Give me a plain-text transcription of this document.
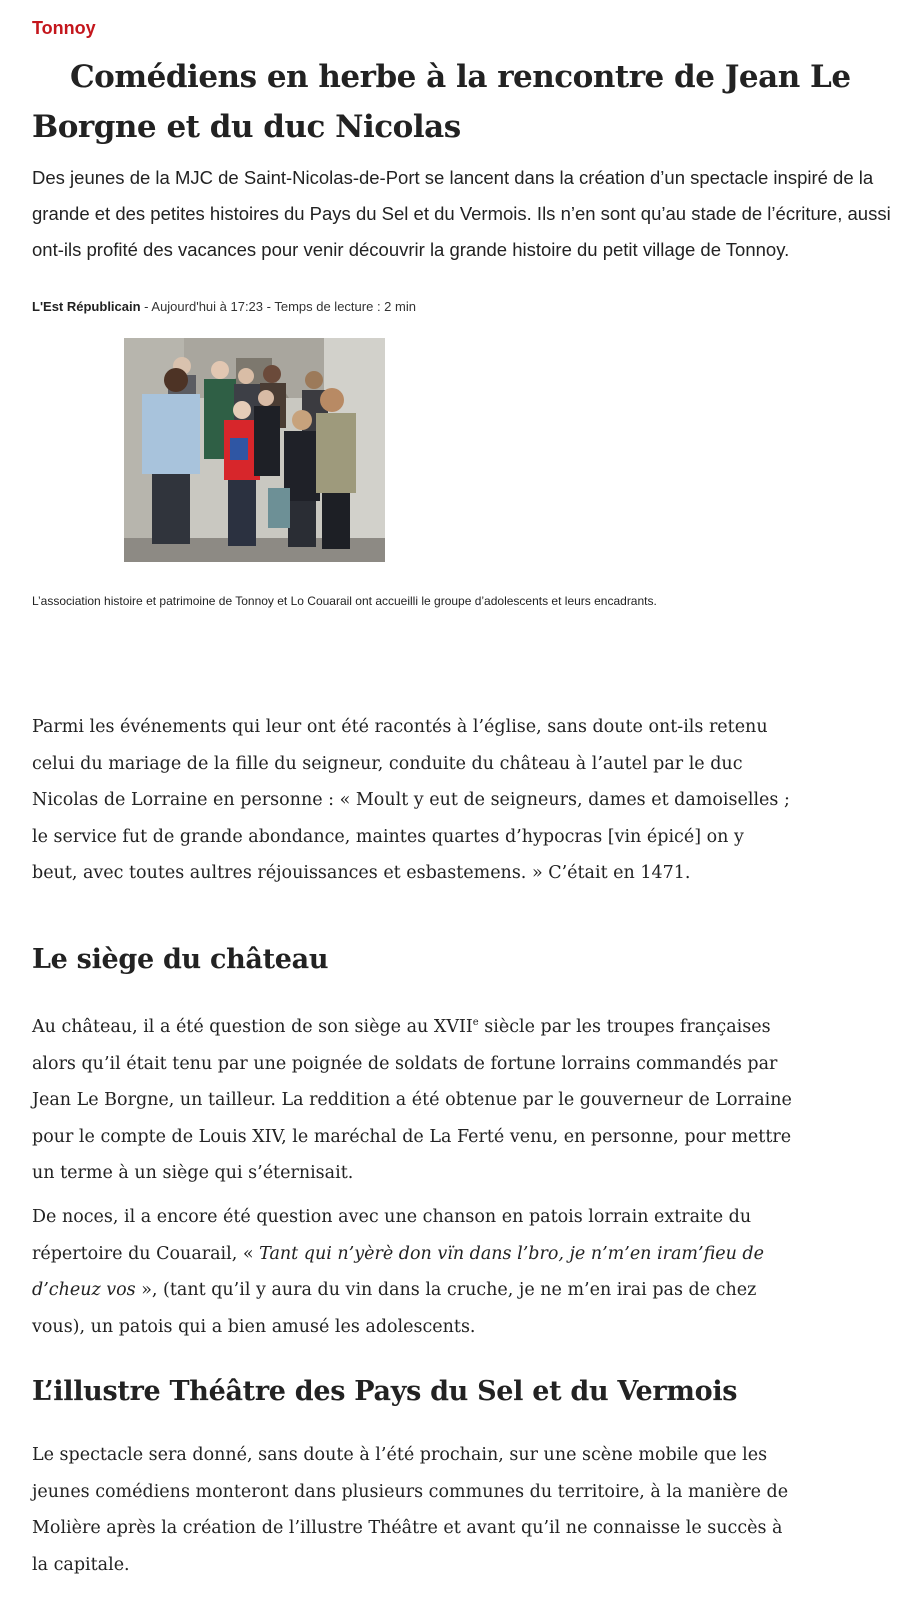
Tonnoy
Comédiens en herbe à la rencontre de Jean Le Borgne et du duc Nicolas

Des jeunes de la MJC de Saint-Nicolas-de-Port se lancent dans la création d’un spectacle inspiré de la grande et des petites histoires du Pays du Sel et du Vermois. Ils n’en sont qu’au stade de l’écriture, aussi ont-ils profité des vacances pour venir découvrir la grande histoire du petit village de Tonnoy.

L'Est Républicain - Aujourd'hui à 17:23 - Temps de lecture : 2 min
L’association histoire et patrimoine de Tonnoy et Lo Couarail ont accueilli le groupe d’adolescents et leurs encadrants.

Parmi les événements qui leur ont été racontés à l’église, sans doute ont-ils retenu celui du mariage de la fille du seigneur, conduite du château à l’autel par le duc Nicolas de Lorraine en personne : « Moult y eut de seigneurs, dames et damoiselles ; le service fut de grande abondance, maintes quartes d’hypocras [vin épicé] on y beut, avec toutes aultres réjouissances et esbastemens. » C’était en 1471.

Le siège du château

Au château, il a été question de son siège au XVIIe siècle par les troupes françaises alors qu’il était tenu par une poignée de soldats de fortune lorrains commandés par Jean Le Borgne, un tailleur. La reddition a été obtenue par le gouverneur de Lorraine pour le compte de Louis XIV, le maréchal de La Ferté venu, en personne, pour mettre un terme à un siège qui s’éternisait.

De noces, il a encore été question avec une chanson en patois lorrain extraite du répertoire du Couarail, « Tant qui n’yèrè don vïn dans l’bro, je n’m’en iram’fieu de d’cheuz vos », (tant qu’il y aura du vin dans la cruche, je ne m’en irai pas de chez vous), un patois qui a bien amusé les adolescents.

L’illustre Théâtre des Pays du Sel et du Vermois

Le spectacle sera donné, sans doute à l’été prochain, sur une scène mobile que les jeunes comédiens monteront dans plusieurs communes du territoire, à la manière de Molière après la création de l’illustre Théâtre et avant qu’il ne connaisse le succès à la capitale.
